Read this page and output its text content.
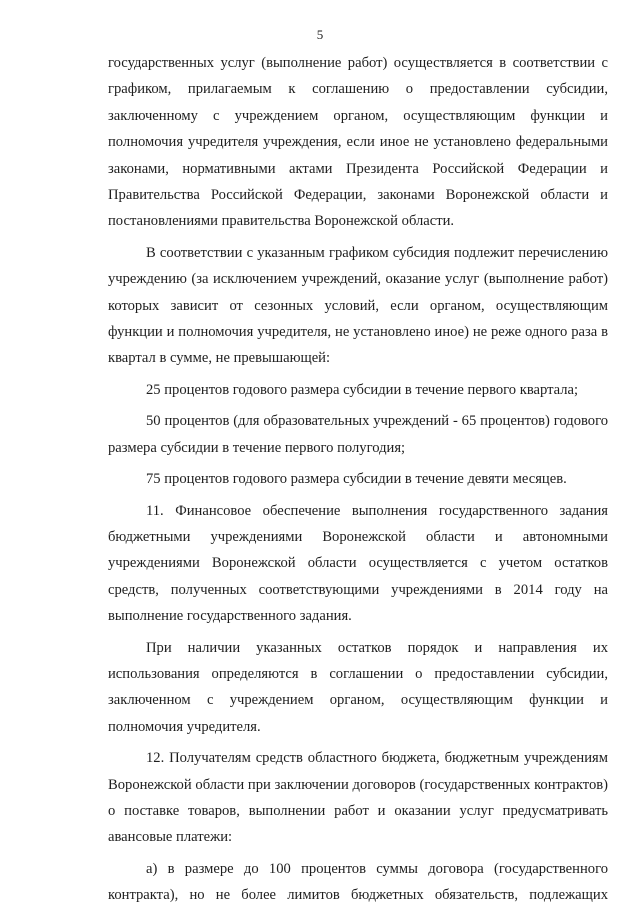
5

государственных услуг (выполнение работ) осуществляется в соответствии с графиком, прилагаемым к соглашению о предоставлении субсидии, заключенному с учреждением органом, осуществляющим функции и полномочия учредителя учреждения, если иное не установлено федеральными законами, нормативными актами Президента Российской Федерации и Правительства Российской Федерации, законами Воронежской области и постановлениями правительства Воронежской области.

В соответствии с указанным графиком субсидия подлежит перечислению учреждению (за исключением учреждений, оказание услуг (выполнение работ) которых зависит от сезонных условий, если органом, осуществляющим функции и полномочия учредителя, не установлено иное) не реже одного раза в квартал в сумме, не превышающей:

25 процентов годового размера субсидии в течение первого квартала;

50 процентов (для образовательных учреждений - 65 процентов) годового размера субсидии в течение первого полугодия;

75 процентов годового размера субсидии в течение девяти месяцев.

11. Финансовое обеспечение выполнения государственного задания бюджетными учреждениями Воронежской области и автономными учреждениями Воронежской области осуществляется с учетом остатков средств, полученных соответствующими учреждениями в 2014 году на выполнение государственного задания.

При наличии указанных остатков порядок и направления их использования определяются в соглашении о предоставлении субсидии, заключенном с учреждением органом, осуществляющим функции и полномочия учредителя.

12. Получателям средств областного бюджета, бюджетным учреждениям Воронежской области при заключении договоров (государственных контрактов) о поставке товаров, выполнении работ и оказании услуг предусматривать авансовые платежи:

а) в размере до 100 процентов суммы договора (государственного контракта), но не более лимитов бюджетных обязательств, подлежащих
